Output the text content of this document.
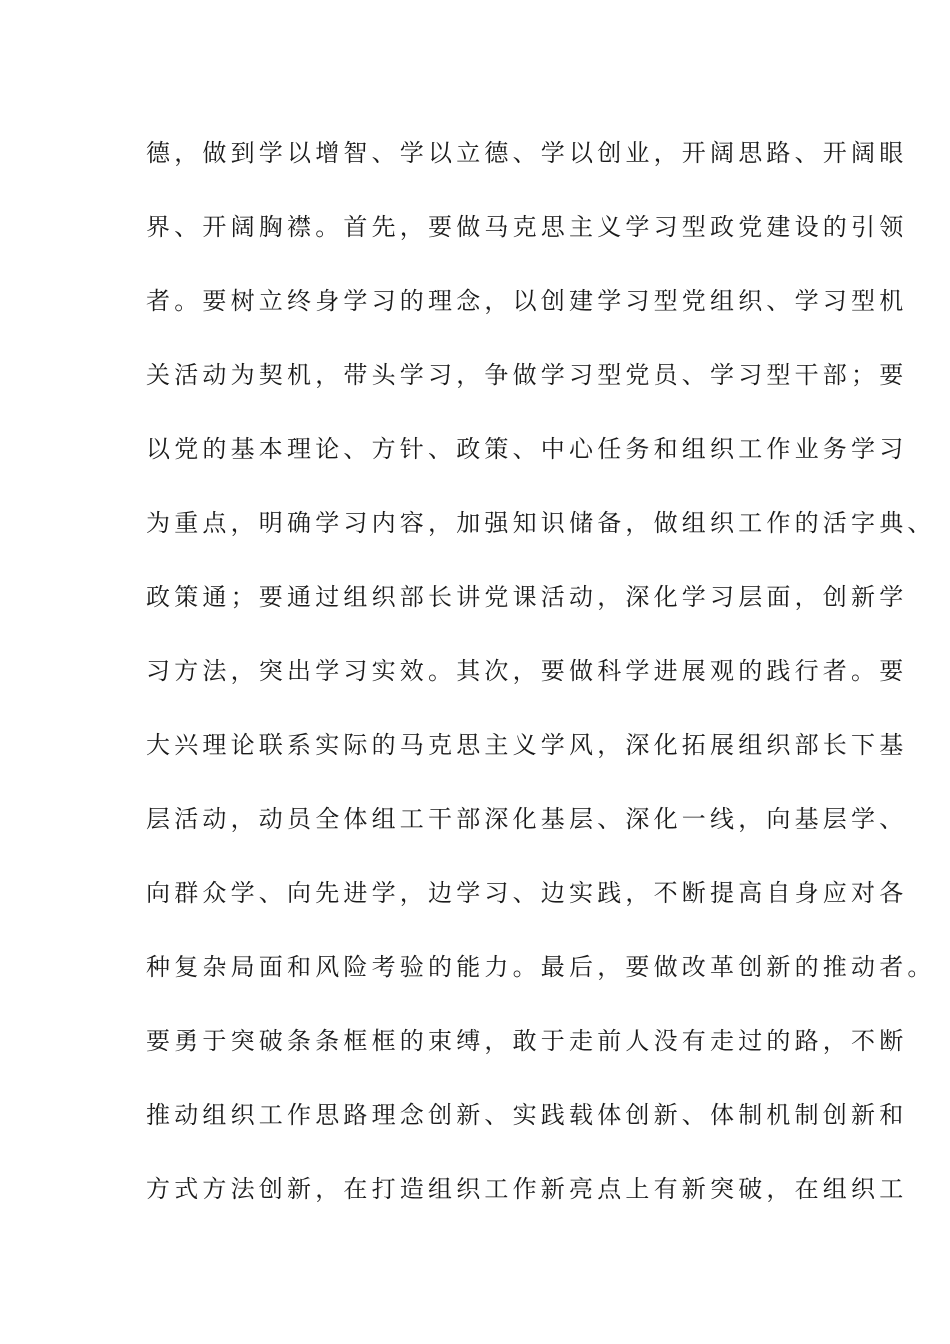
德，做到学以增智、学以立德、学以创业，开阔思路、开阔眼
界、开阔胸襟。首先，要做马克思主义学习型政党建设的引领
者。要树立终身学习的理念，以创建学习型党组织、学习型机
关活动为契机，带头学习，争做学习型党员、学习型干部；要
以党的基本理论、方针、政策、中心任务和组织工作业务学习
为重点，明确学习内容，加强知识储备，做组织工作的活字典、
政策通；要通过组织部长讲党课活动，深化学习层面，创新学
习方法，突出学习实效。其次，要做科学进展观的践行者。要
大兴理论联系实际的马克思主义学风，深化拓展组织部长下基
层活动，动员全体组工干部深化基层、深化一线，向基层学、
向群众学、向先进学，边学习、边实践，不断提高自身应对各
种复杂局面和风险考验的能力。最后，要做改革创新的推动者。
要勇于突破条条框框的束缚，敢于走前人没有走过的路，不断
推动组织工作思路理念创新、实践载体创新、体制机制创新和
方式方法创新，在打造组织工作新亮点上有新突破，在组织工
